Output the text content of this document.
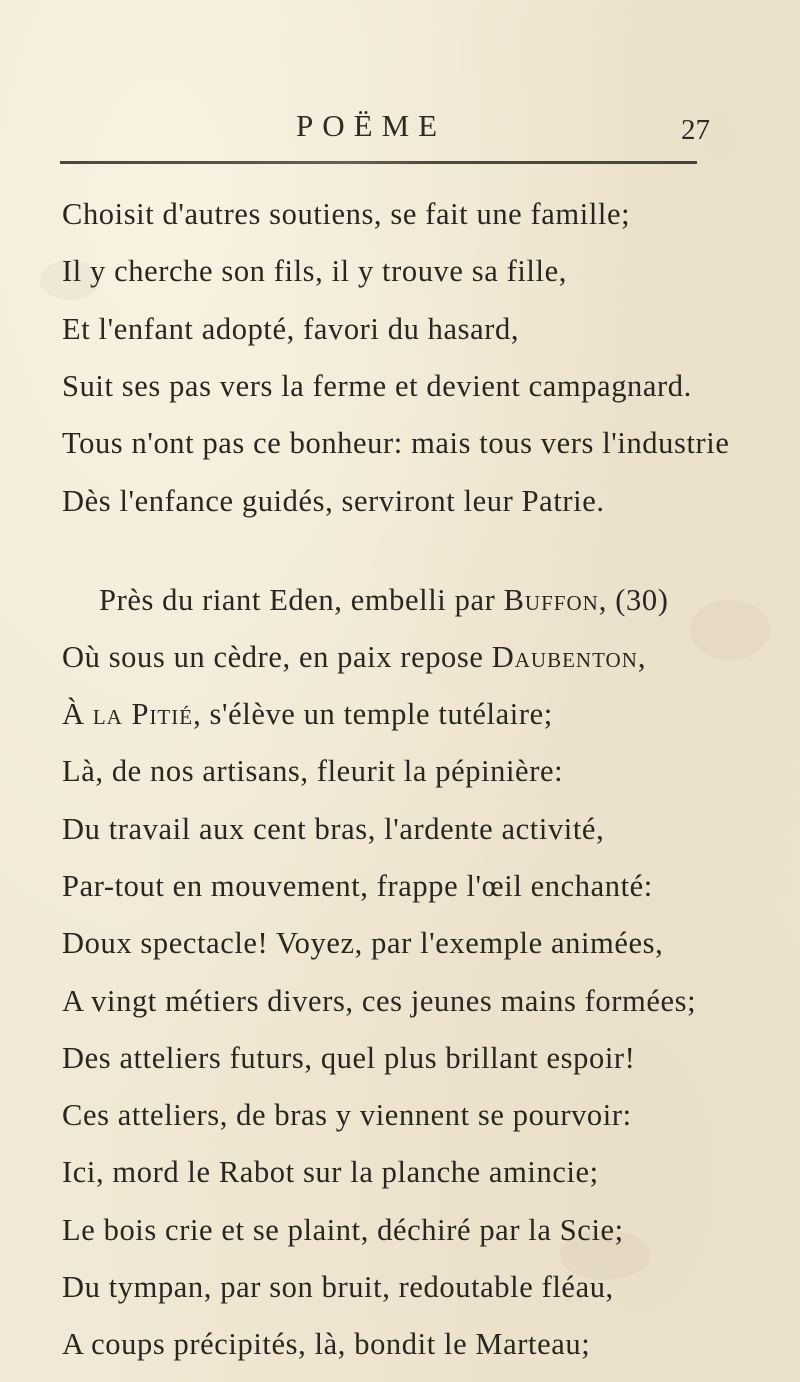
POËME	27
Choisit d'autres soutiens, se fait une famille;
Il y cherche son fils, il y trouve sa fille,
Et l'enfant adopté, favori du hasard,
Suit ses pas vers la ferme et devient campagnard.
Tous n'ont pas ce bonheur: mais tous vers l'industrie
Dès l'enfance guidés, serviront leur Patrie.
Près du riant Eden, embelli par Buffon, (30)
Où sous un cèdre, en paix repose Daubenton,
À la Pitié, s'élève un temple tutélaire;
Là, de nos artisans, fleurit la pépinière:
Du travail aux cent bras, l'ardente activité,
Par-tout en mouvement, frappe l'œil enchanté:
Doux spectacle! Voyez, par l'exemple animées,
A vingt métiers divers, ces jeunes mains formées;
Des atteliers futurs, quel plus brillant espoir!
Ces atteliers, de bras y viennent se pourvoir:
Ici, mord le Rabot sur la planche amincie;
Le bois crie et se plaint, déchiré par la Scie;
Du tympan, par son bruit, redoutable fléau,
A coups précipités, là, bondit le Marteau;
